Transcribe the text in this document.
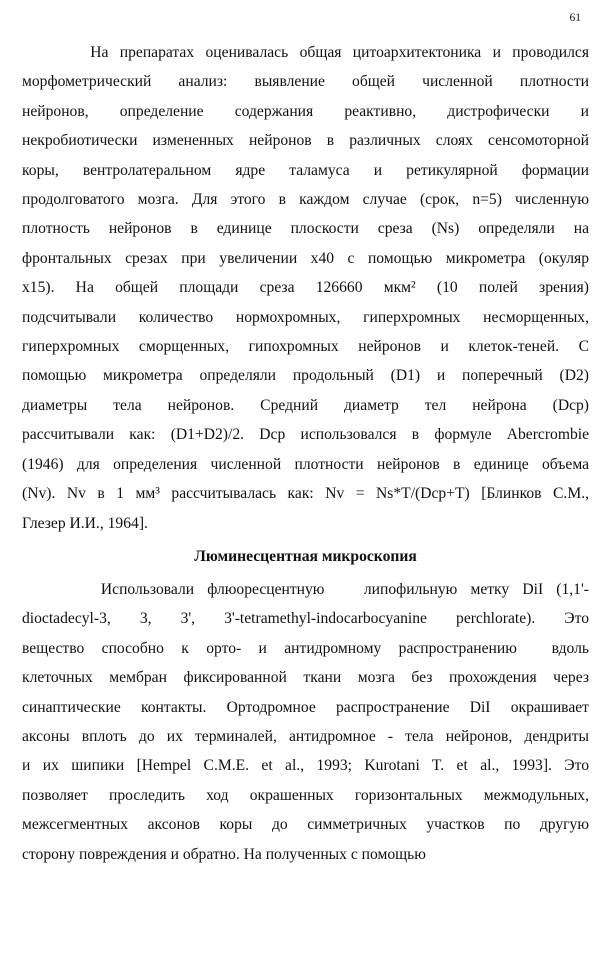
61
На препаратах оценивалась общая цитоархитектоника и проводился
морфометрический анализ: выявление общей численной плотности
нейронов, определение содержания реактивно, дистрофически и
некробиотически измененных нейронов в различных слоях сенсомоторной
коры, вентролатеральном ядре таламуса и ретикулярной формации
продолговатого мозга. Для этого в каждом случае (срок, n=5) численную
плотность нейронов в единице плоскости среза (Ns) определяли на
фронтальных срезах при увеличении x40 с помощью микрометра (окуляр
x15). На общей площади среза 126660 мкм² (10 полей зрения)
подсчитывали количество нормохромных, гиперхромных несморщенных,
гиперхромных сморщенных, гипохромных нейронов и клеток-теней. С
помощью микрометра определяли продольный (D1) и поперечный (D2)
диаметры тела нейронов. Средний диаметр тел нейрона (Dcp)
рассчитывали как: (D1+D2)/2. Dcp использовался в формуле Abercrombie
(1946) для определения численной плотности нейронов в единице объема
(Nv). Nv в 1 мм³ рассчитывалась как: Nv = Ns*T/(Dcp+T) [Блинков С.М.,
Глезер И.И., 1964].
Люминесцентная микроскопия
Использовали флюоресцентную   липофильную метку DiI (1,1'-
dioctadecyl-3, 3, 3', 3'-tetramethyl-indocarbocyanine perchlorate). Это
вещество способно к орто- и антидромному распространению  вдоль
клеточных мембран фиксированной ткани мозга без прохождения через
синаптические контакты. Ортодромное распространение DiI окрашивает
аксоны вплоть до их терминалей, антидромное - тела нейронов, дендриты
и их шипики [Hempel C.M.E. et al., 1993; Kurotani T. et al., 1993]. Это
позволяет проследить ход окрашенных горизонтальных межмодульных,
межсегментных аксонов коры до симметричных участков по другую
сторону повреждения и обратно. На полученных с помощью
